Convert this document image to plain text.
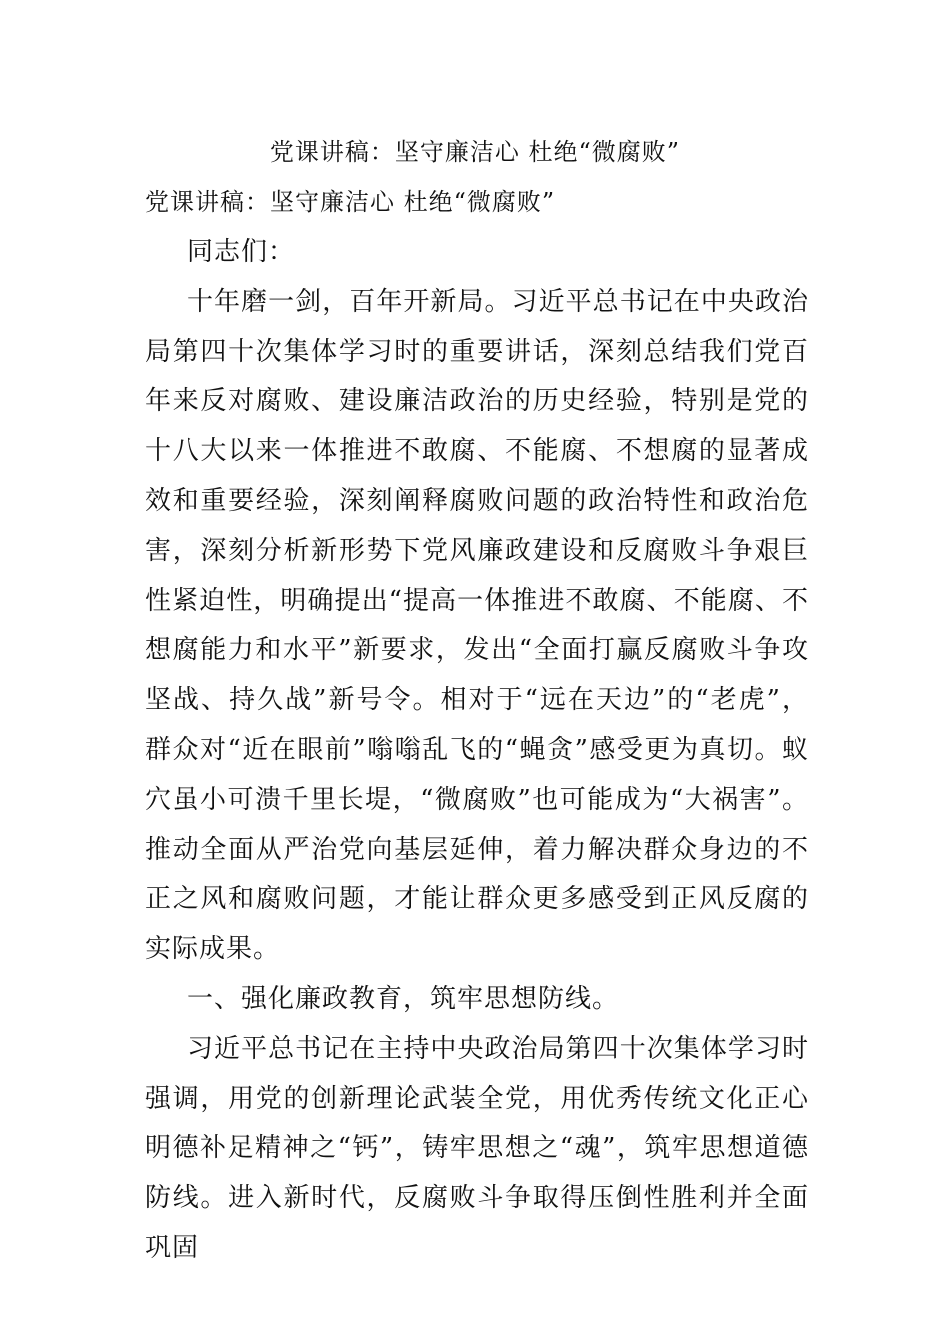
党课讲稿：坚守廉洁心 杜绝“微腐败”

党课讲稿：坚守廉洁心 杜绝“微腐败”

同志们：

十年磨一剑，百年开新局。习近平总书记在中央政治局第四十次集体学习时的重要讲话，深刻总结我们党百年来反对腐败、建设廉洁政治的历史经验，特别是党的十八大以来一体推进不敢腐、不能腐、不想腐的显著成效和重要经验，深刻阐释腐败问题的政治特性和政治危害，深刻分析新形势下党风廉政建设和反腐败斗争艰巨性紧迫性，明确提出“提高一体推进不敢腐、不能腐、不想腐能力和水平”新要求，发出“全面打赢反腐败斗争攻坚战、持久战”新号令。相对于“远在天边”的“老虎”，群众对“近在眼前”嗡嗡乱飞的“蝇贪”感受更为真切。蚁穴虽小可溃千里长堤，“微腐败”也可能成为“大祸害”。推动全面从严治党向基层延伸，着力解决群众身边的不正之风和腐败问题，才能让群众更多感受到正风反腐的实际成果。

一、强化廉政教育，筑牢思想防线。

习近平总书记在主持中央政治局第四十次集体学习时强调，用党的创新理论武装全党，用优秀传统文化正心明德补足精神之“钙”，铸牢思想之“魂”，筑牢思想道德防线。进入新时代，反腐败斗争取得压倒性胜利并全面巩固
